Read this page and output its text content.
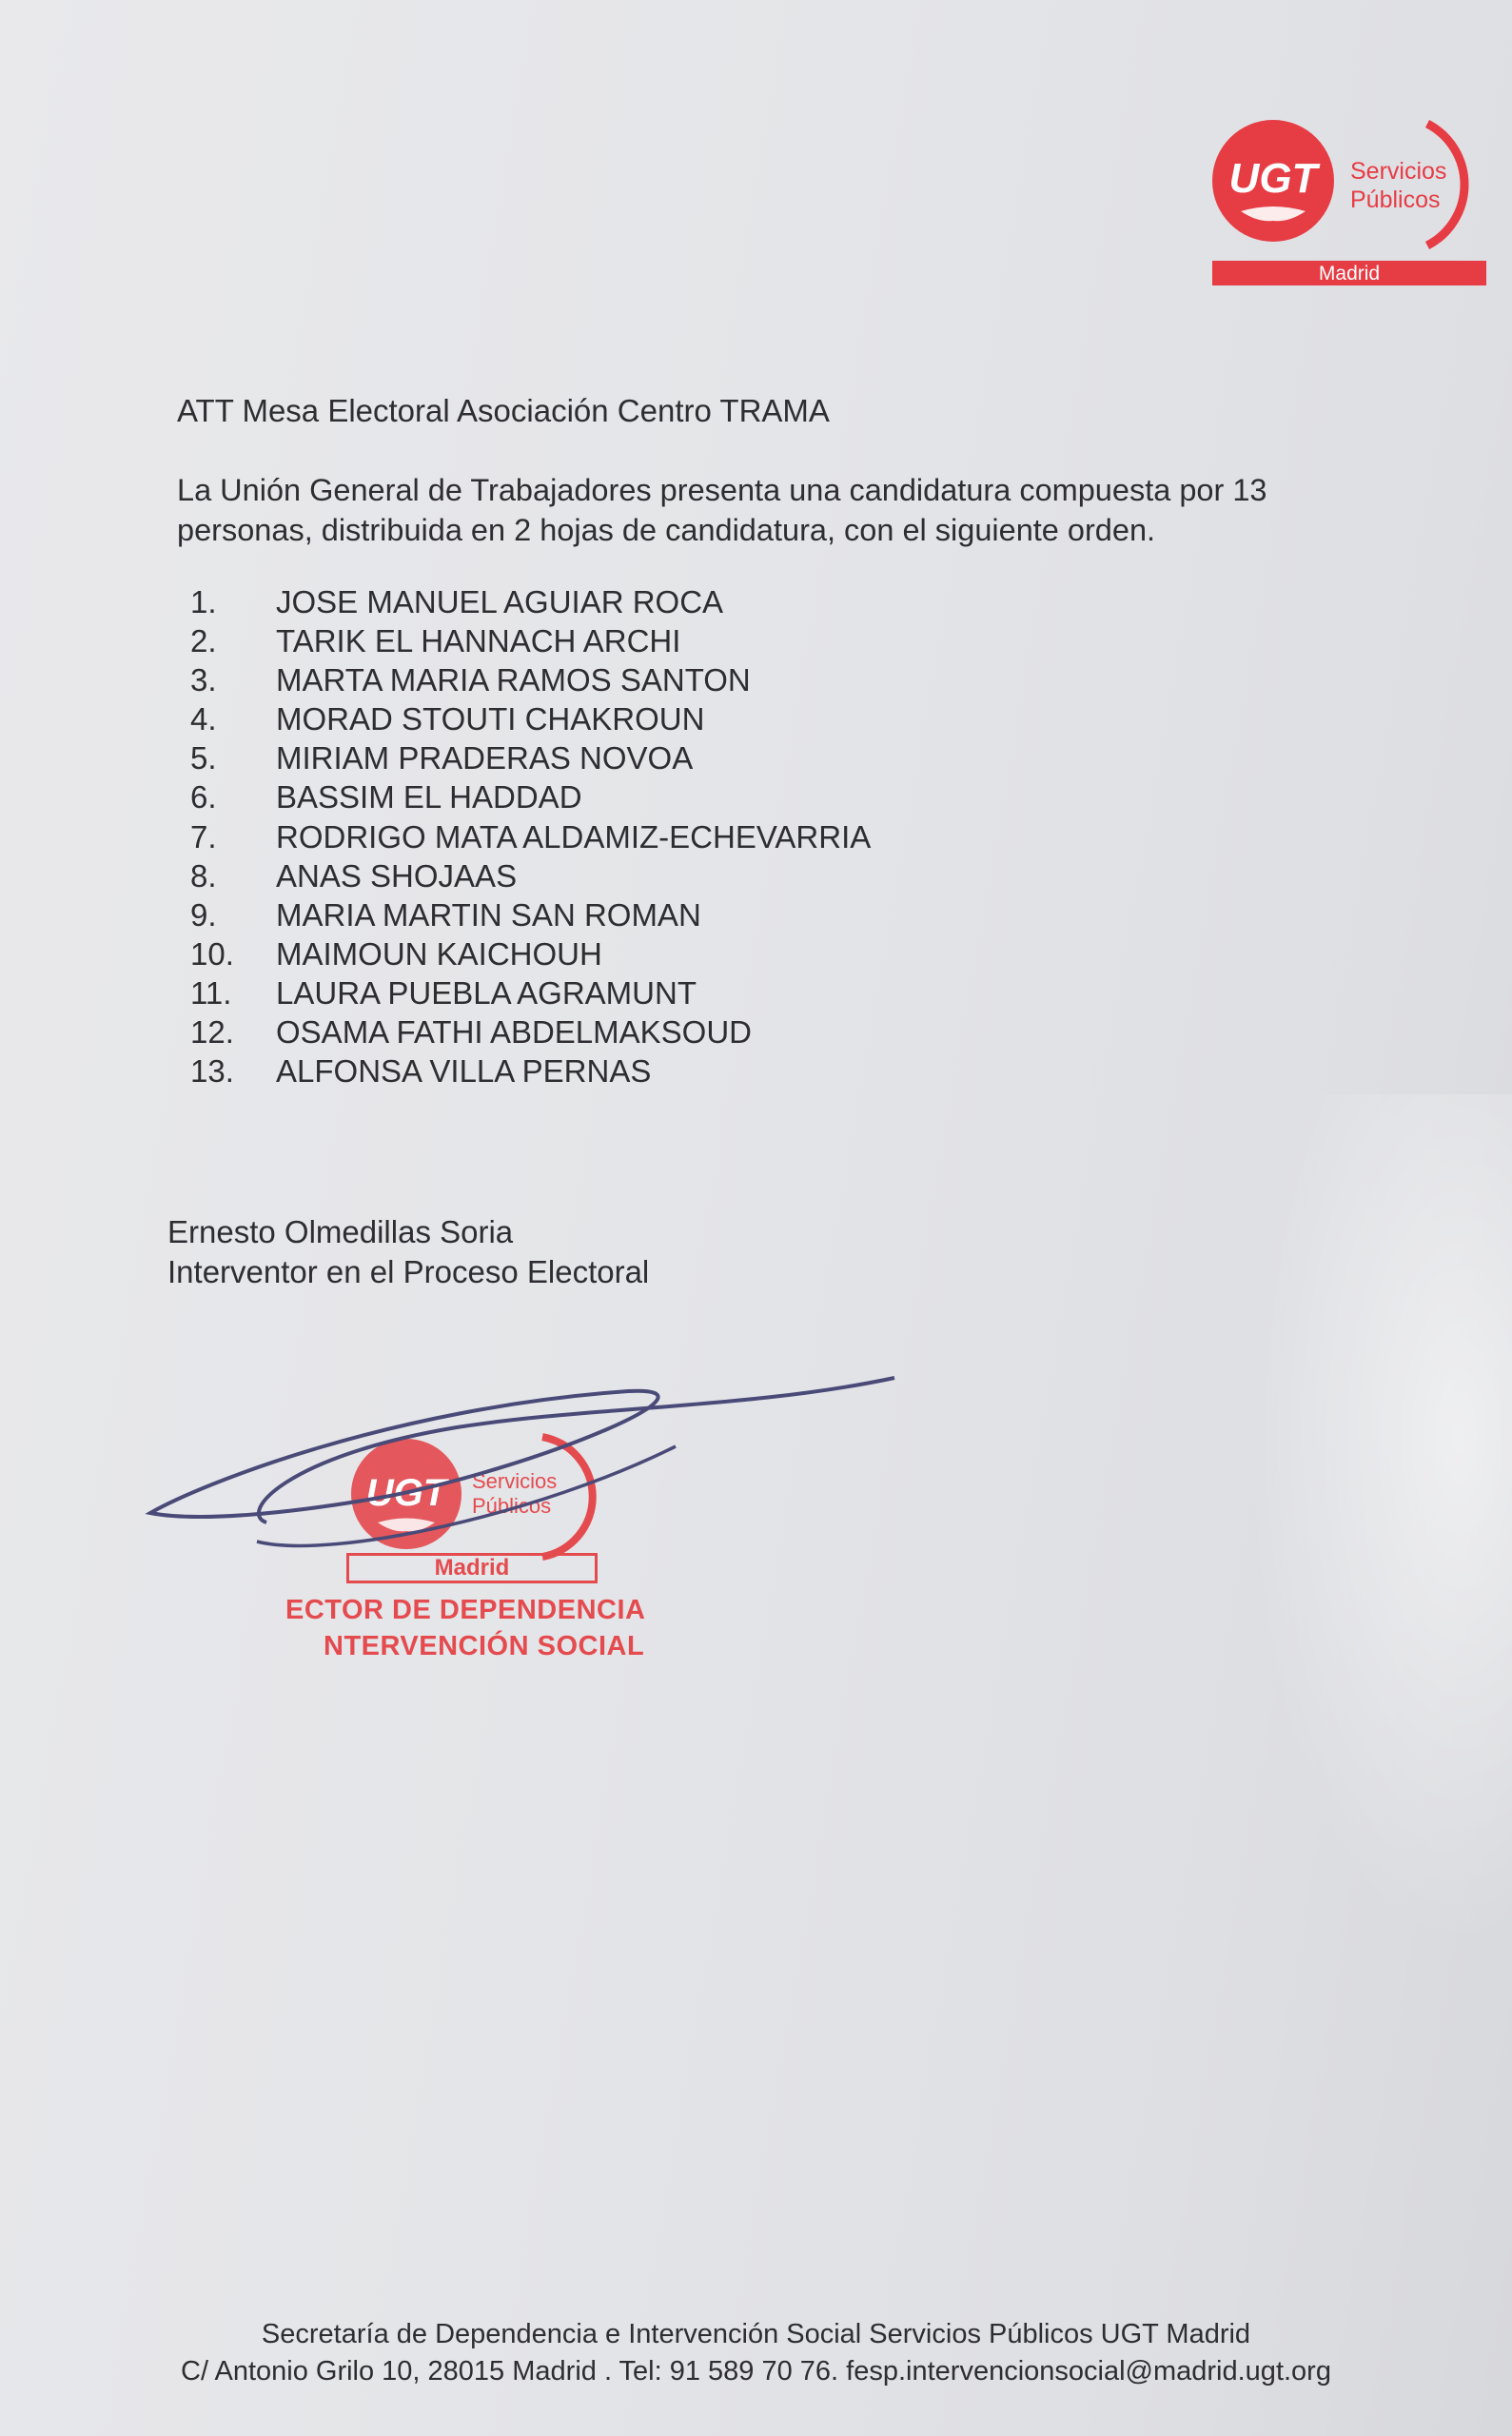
UGT Servicios
Públicos
Madrid
ATT Mesa Electoral Asociación Centro TRAMA
La Unión General de Trabajadores presenta una candidatura compuesta por 13
personas, distribuida en 2 hojas de candidatura, con el siguiente orden.
1.	JOSE MANUEL AGUIAR ROCA
2.	TARIK EL HANNACH ARCHI
3.	MARTA MARIA RAMOS SANTON
4.	MORAD STOUTI CHAKROUN
5.	MIRIAM PRADERAS NOVOA
6.	BASSIM EL HADDAD
7.	RODRIGO MATA ALDAMIZ-ECHEVARRIA
8.	ANAS SHOJAAS
9.	MARIA MARTIN SAN ROMAN
10.	MAIMOUN KAICHOUH
11.	LAURA PUEBLA AGRAMUNT
12.	OSAMA FATHI ABDELMAKSOUD
13.	ALFONSA VILLA PERNAS
Ernesto Olmedillas Soria
Interventor en el Proceso Electoral
UGT Servicios
Públicos
Madrid
ECTOR DE DEPENDENCIA
NTERVENCIÓN SOCIAL
Secretaría de Dependencia e Intervención Social Servicios Públicos UGT Madrid
C/ Antonio Grilo 10, 28015 Madrid . Tel: 91 589 70 76. fesp.intervencionsocial@madrid.ugt.org
